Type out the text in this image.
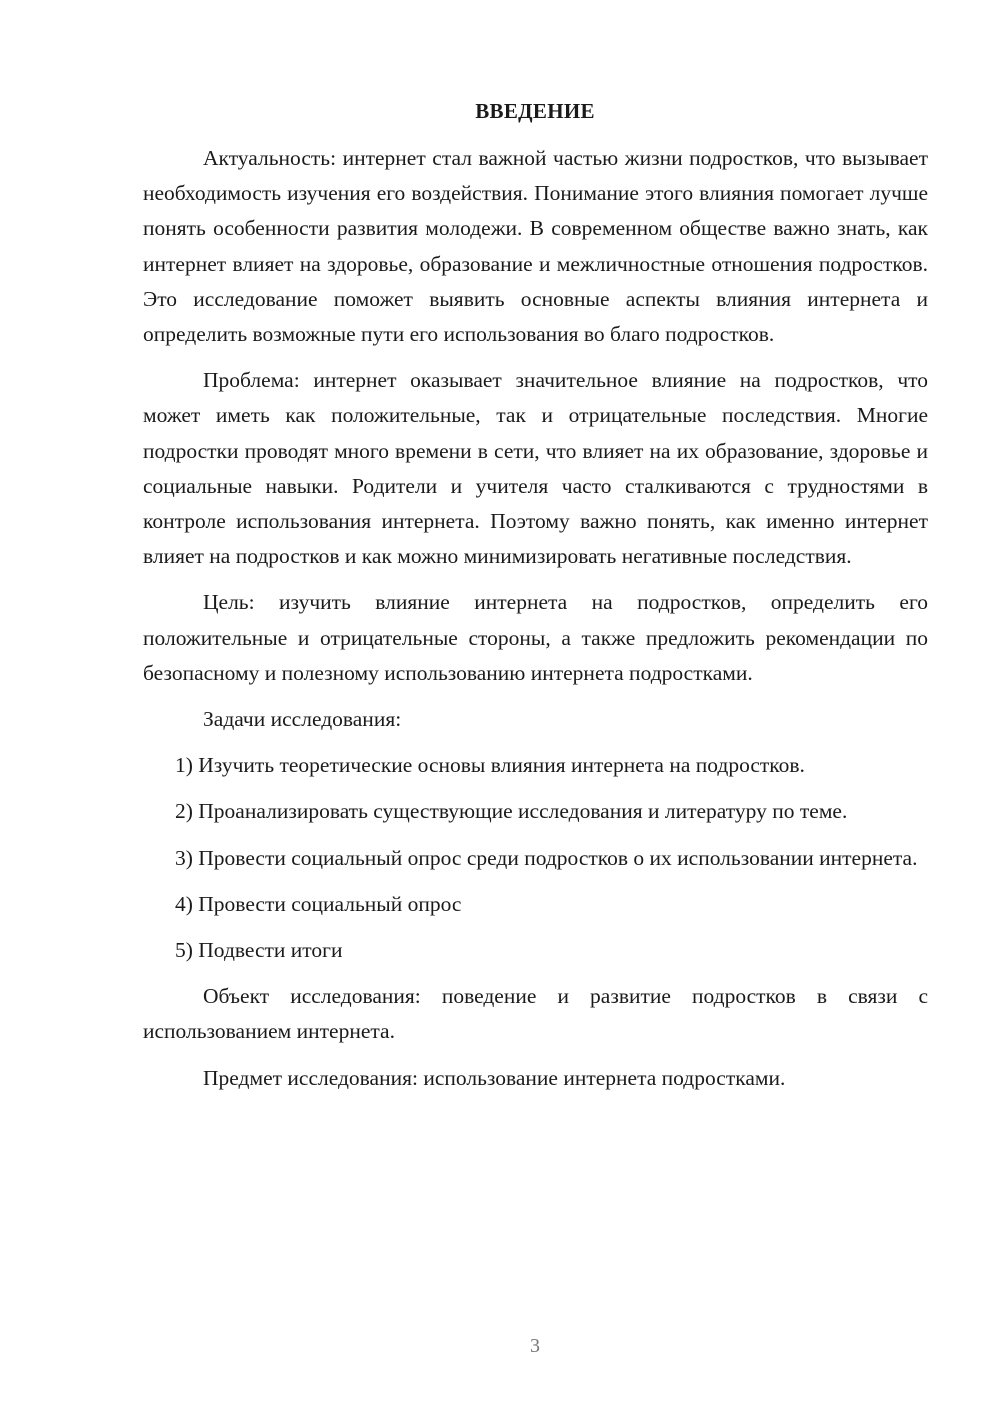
ВВЕДЕНИЕ

Актуальность: интернет стал важной частью жизни подростков, что вызывает необходимость изучения его воздействия. Понимание этого влияния помогает лучше понять особенности развития молодежи. В современном обществе важно знать, как интернет влияет на здоровье, образование и межличностные отношения подростков. Это исследование поможет выявить основные аспекты влияния интернета и определить возможные пути его использования во благо подростков.

Проблема: интернет оказывает значительное влияние на подростков, что может иметь как положительные, так и отрицательные последствия. Многие подростки проводят много времени в сети, что влияет на их образование, здоровье и социальные навыки. Родители и учителя часто сталкиваются с трудностями в контроле использования интернета. Поэтому важно понять, как именно интернет влияет на подростков и как можно минимизировать негативные последствия.

Цель: изучить влияние интернета на подростков, определить его положительные и отрицательные стороны, а также предложить рекомендации по безопасному и полезному использованию интернета подростками.

Задачи исследования:

1) Изучить теоретические основы влияния интернета на подростков.

2) Проанализировать существующие исследования и литературу по теме.

3) Провести социальный опрос среди подростков о их использовании интернета.

4) Провести социальный опрос

5) Подвести итоги

Объект исследования: поведение и развитие подростков в связи с использованием интернета.

Предмет исследования: использование интернета подростками.

3
